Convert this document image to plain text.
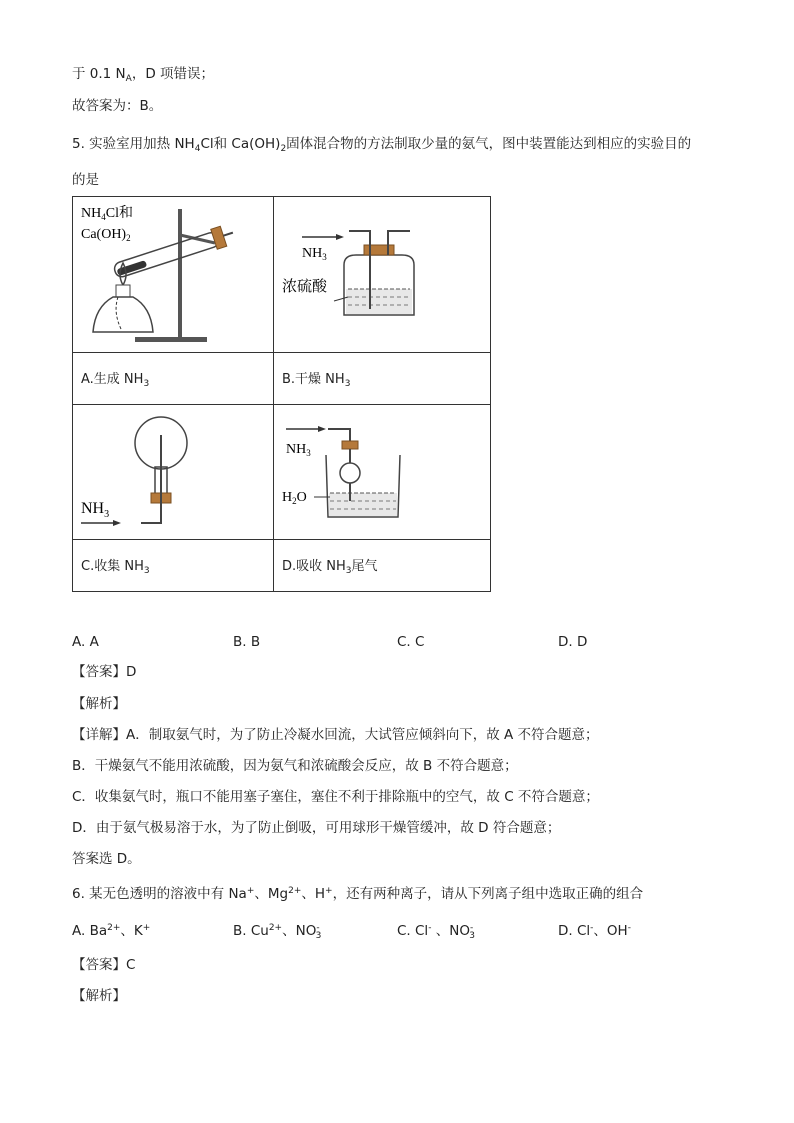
于 0.1 $N_A$，D 项错误；
故答案为：B。
5. 实验室用加热 $NH_4Cl$和 $Ca(OH)_2$固体混合物的方法制取少量的氨气，图中装置能达到相应的实验目的
的是
$NH_4Cl$和
$Ca(OH)_2$	$NH_3$
浓硫酸

A.生成 $NH_3$	B.干燥 $NH_3$

$NH_3$	$NH_3$
$H_2O$

C.收集 $NH_3$	D.吸收 $NH_3$尾气
A. A	B. B	C. C	D. D
【答案】D
【解析】
【详解】A．制取氨气时，为了防止冷凝水回流，大试管应倾斜向下，故 A 不符合题意；
B．干燥氨气不能用浓硫酸，因为氨气和浓硫酸会反应，故 B 不符合题意；
C．收集氨气时，瓶口不能用塞子塞住，塞住不利于排除瓶中的空气，故 C 不符合题意；
D．由于氨气极易溶于水，为了防止倒吸，可用球形干燥管缓冲，故 D 符合题意；
答案选 D。
6. 某无色透明的溶液中有 Na+、$Mg^{2+}$、H+，还有两种离子，请从下列离子组中选取正确的组合
A. $Ba^{2+}$、K+	B. $Cu^{2+}$、$NO^-_3$	C. Cl- 、$NO^-_3$	D. Cl-、OH-
【答案】C
【解析】
